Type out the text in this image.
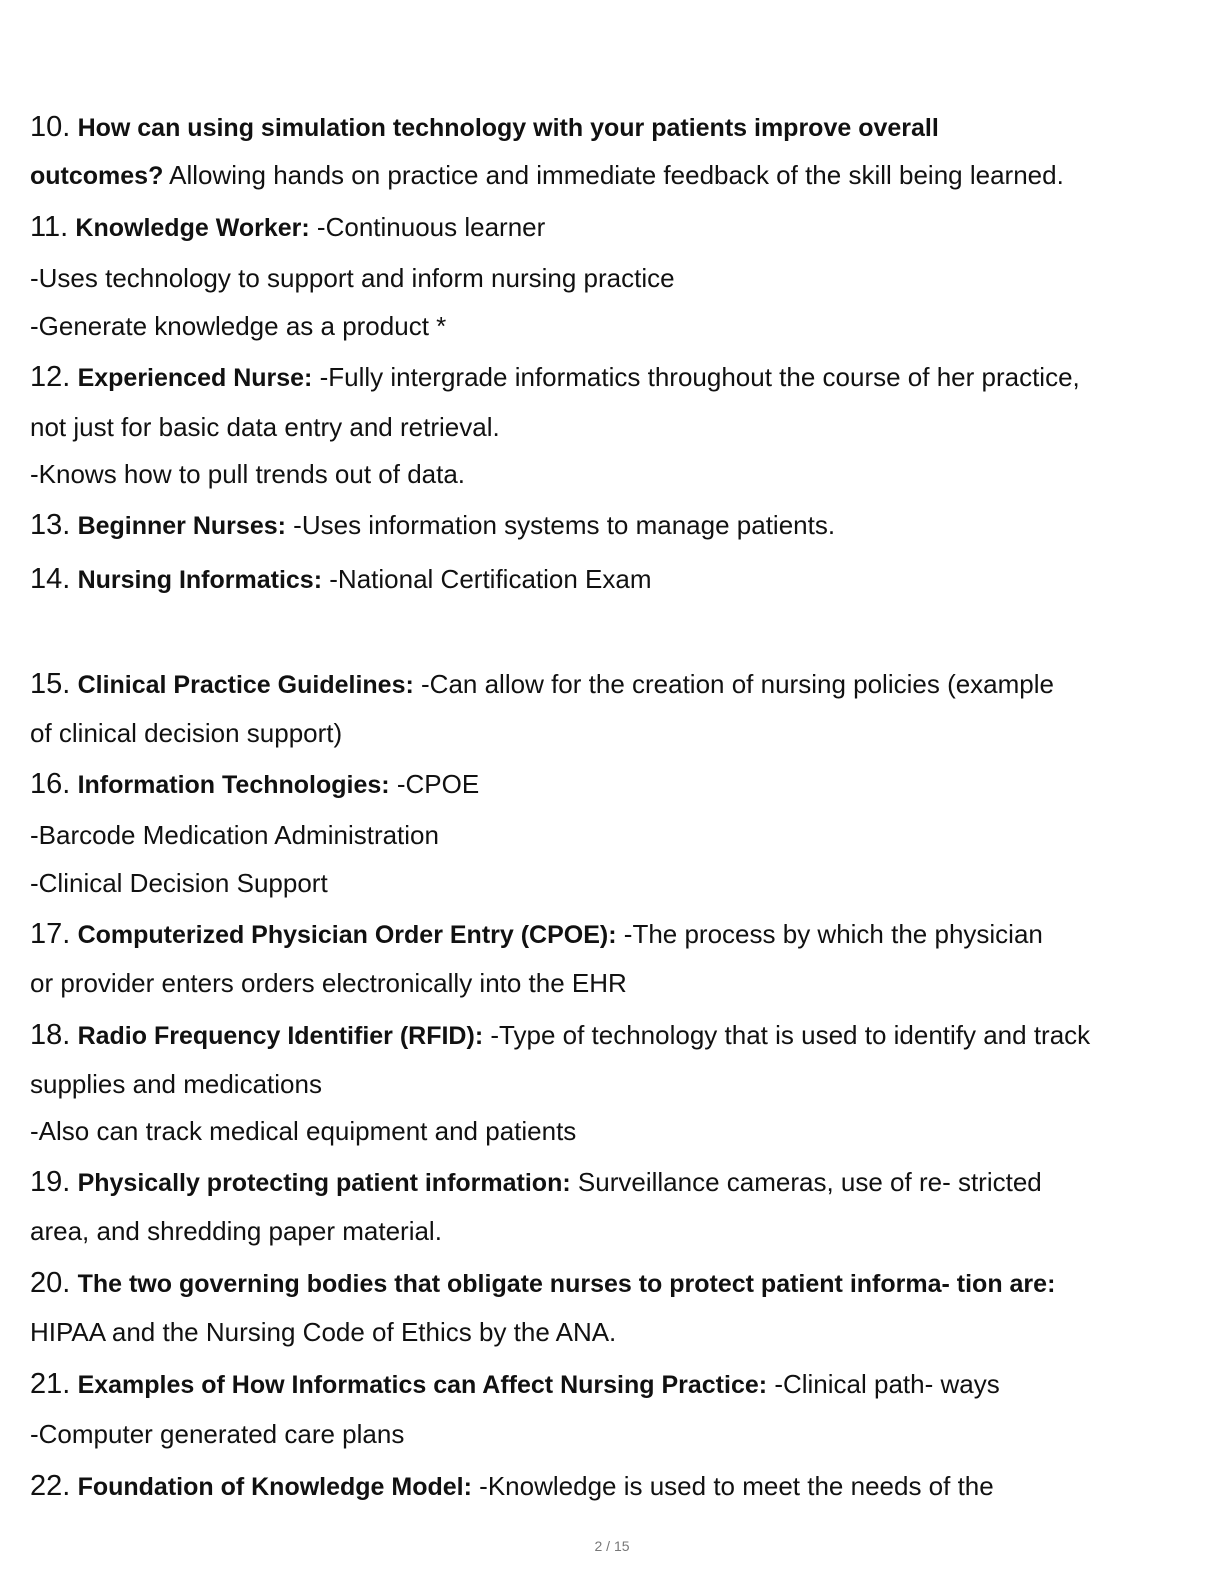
10. How can using simulation technology with your patients improve overall
outcomes? Allowing hands on practice and immediate feedback of the skill being learned.
11. Knowledge Worker: -Continuous learner
-Uses technology to support and inform nursing practice
-Generate knowledge as a product *
12. Experienced Nurse: -Fully intergrade informatics throughout the course of her practice,
not just for basic data entry and retrieval.
-Knows how to pull trends out of data.
13. Beginner Nurses: -Uses information systems to manage patients.
14. Nursing Informatics: -National Certification Exam
15. Clinical Practice Guidelines: -Can allow for the creation of nursing policies (example
of clinical decision support)
16. Information Technologies: -CPOE
-Barcode Medication Administration
-Clinical Decision Support
17. Computerized Physician Order Entry (CPOE): -The process by which the physician
or provider enters orders electronically into the EHR
18. Radio Frequency Identifier (RFID): -Type of technology that is used to identify and track
supplies and medications
-Also can track medical equipment and patients
19. Physically protecting patient information: Surveillance cameras, use of re- stricted
area, and shredding paper material.
20. The two governing bodies that obligate nurses to protect patient informa- tion are:
HIPAA and the Nursing Code of Ethics by the ANA.
21. Examples of How Informatics can Affect Nursing Practice: -Clinical path- ways
-Computer generated care plans
22. Foundation of Knowledge Model: -Knowledge is used to meet the needs of the
2 / 15
